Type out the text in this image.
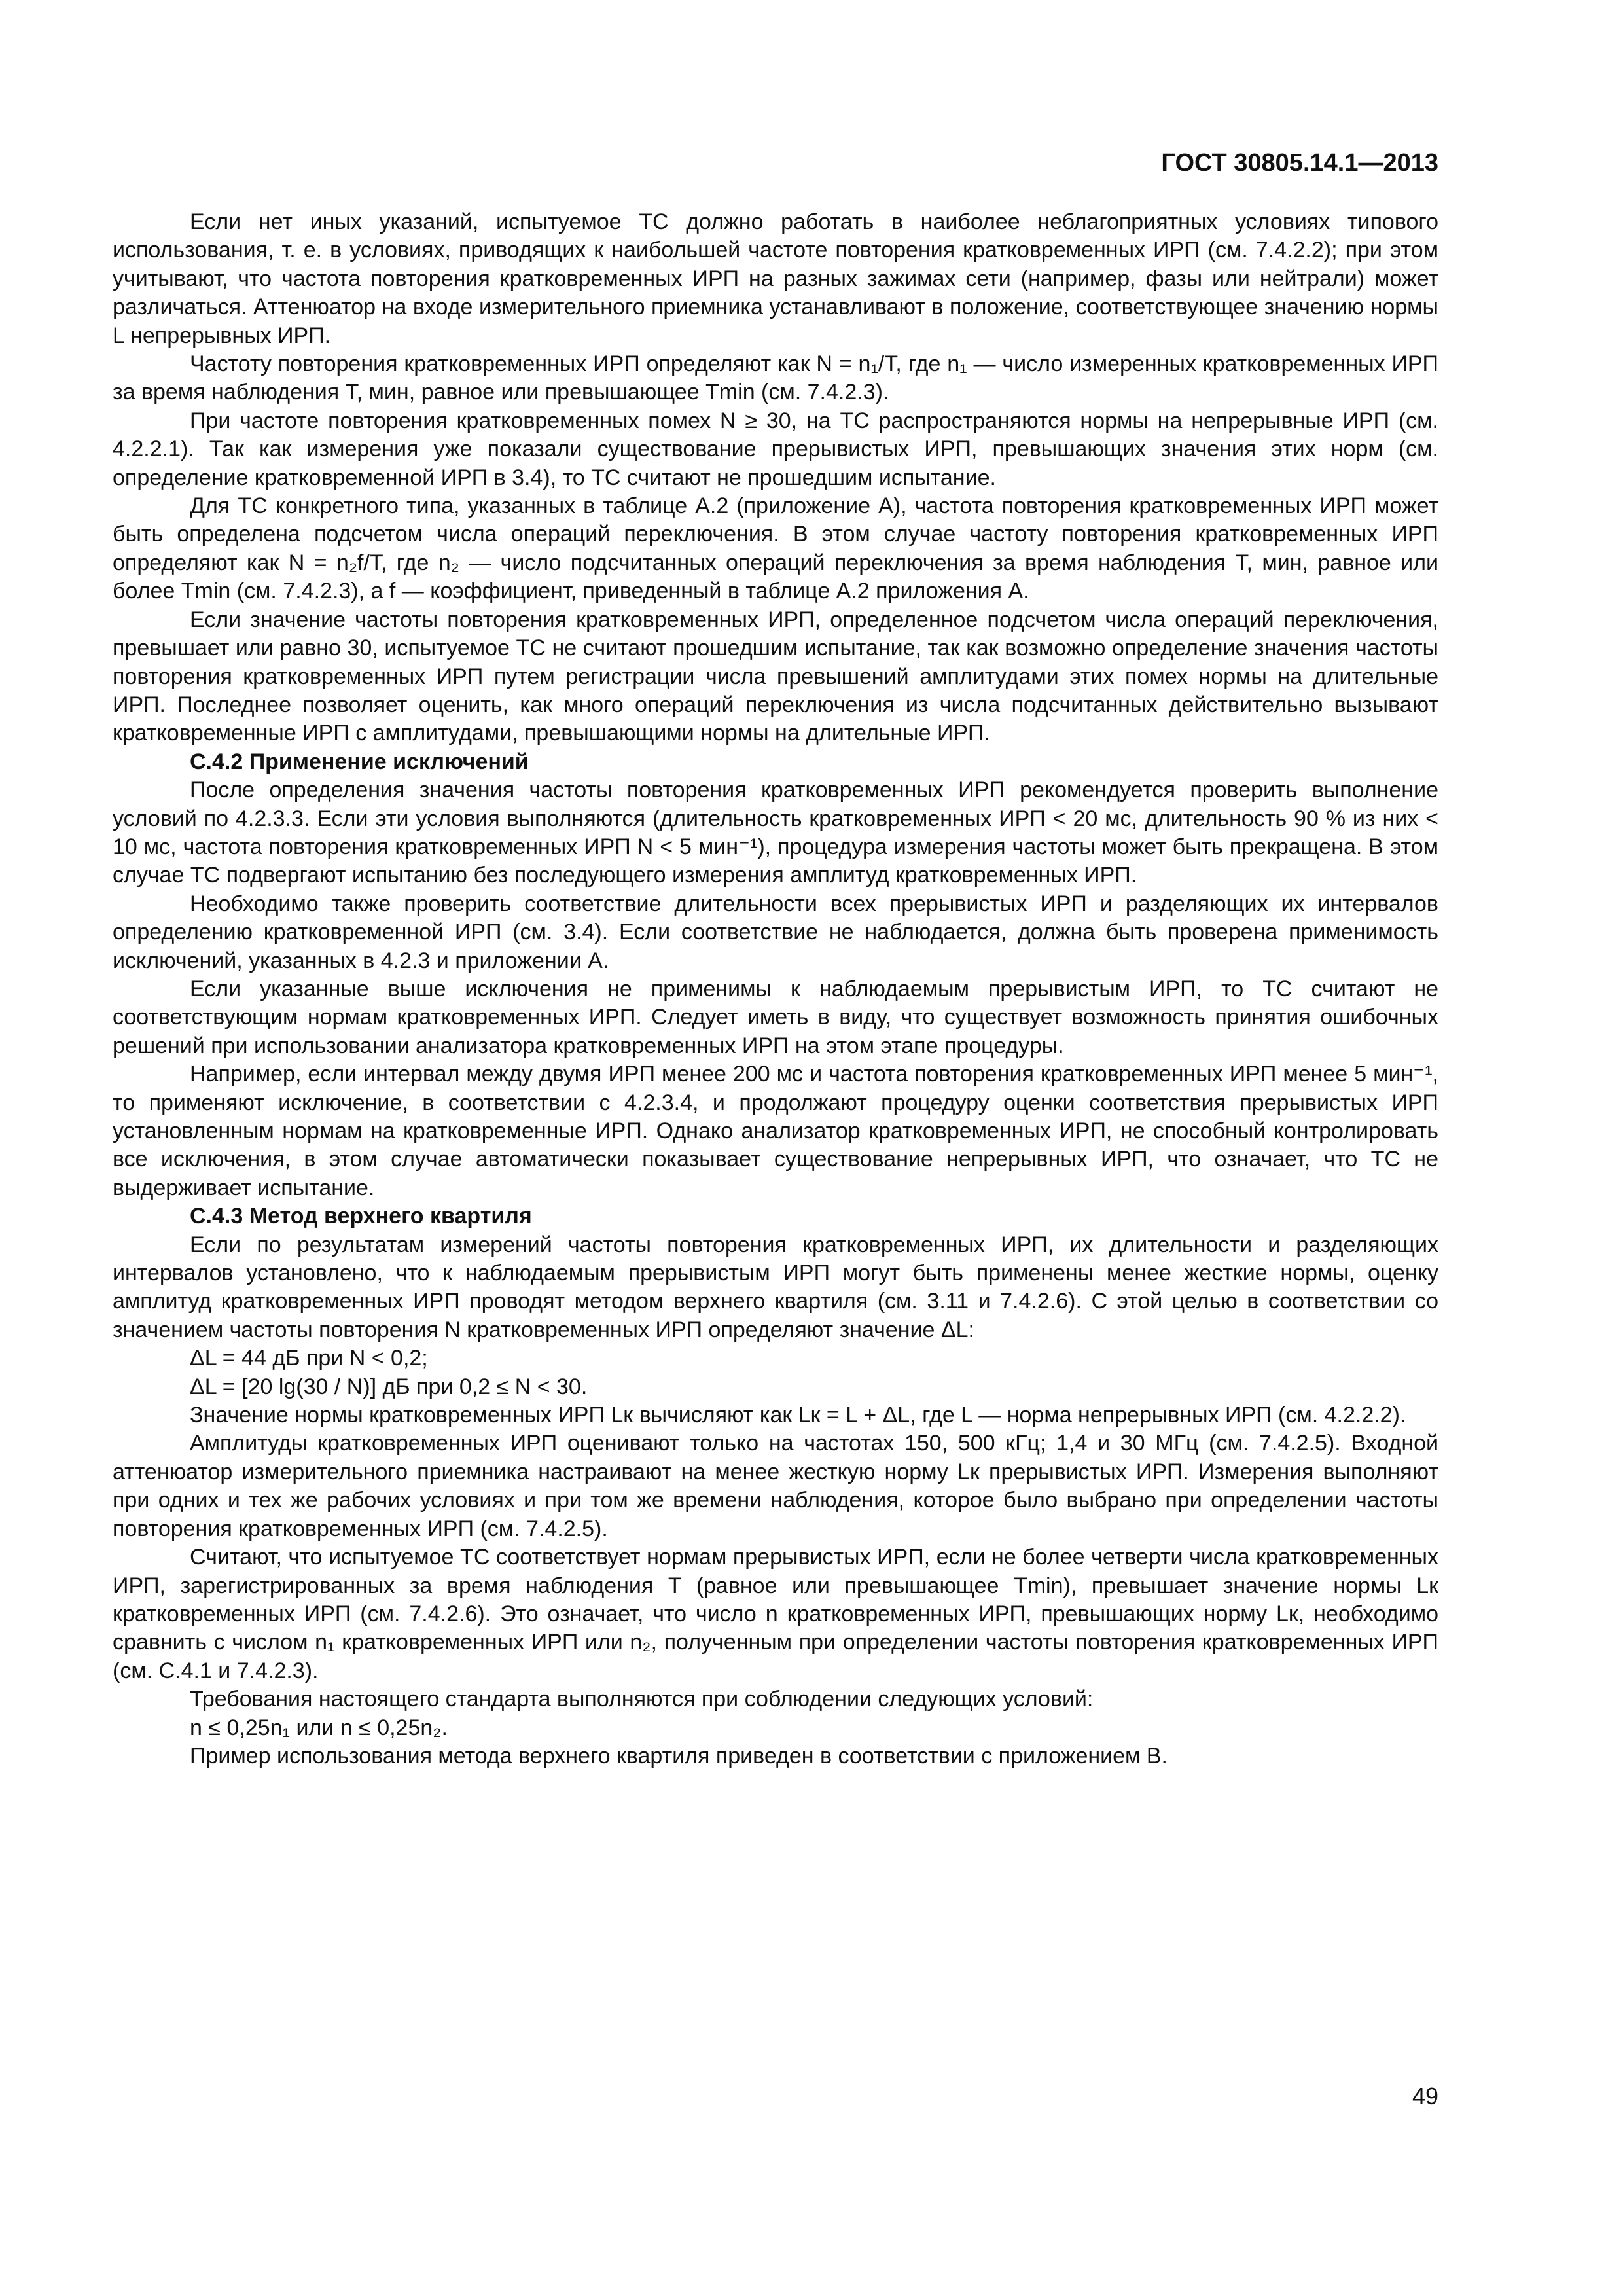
ГОСТ 30805.14.1—2013

Если нет иных указаний, испытуемое ТС должно работать в наиболее неблагоприятных условиях типового использования, т. е. в условиях, приводящих к наибольшей частоте повторения кратковременных ИРП (см. 7.4.2.2); при этом учитывают, что частота повторения кратковременных ИРП на разных зажимах сети (например, фазы или нейтрали) может различаться. Аттенюатор на входе измерительного приемника устанавливают в положение, соответствующее значению нормы L непрерывных ИРП.

Частоту повторения кратковременных ИРП определяют как N = n₁/T, где n₁ — число измеренных кратковременных ИРП за время наблюдения T, мин, равное или превышающее Tmin (см. 7.4.2.3).

При частоте повторения кратковременных помех N ≥ 30, на ТС распространяются нормы на непрерывные ИРП (см. 4.2.2.1). Так как измерения уже показали существование прерывистых ИРП, превышающих значения этих норм (см. определение кратковременной ИРП в 3.4), то ТС считают не прошедшим испытание.

Для ТС конкретного типа, указанных в таблице А.2 (приложение А), частота повторения кратковременных ИРП может быть определена подсчетом числа операций переключения. В этом случае частоту повторения кратковременных ИРП определяют как N = n₂f/T, где n₂ — число подсчитанных операций переключения за время наблюдения T, мин, равное или более Tmin (см. 7.4.2.3), а f — коэффициент, приведенный в таблице А.2 приложения А.

Если значение частоты повторения кратковременных ИРП, определенное подсчетом числа операций переключения, превышает или равно 30, испытуемое ТС не считают прошедшим испытание, так как возможно определение значения частоты повторения кратковременных ИРП путем регистрации числа превышений амплитудами этих помех нормы на длительные ИРП. Последнее позволяет оценить, как много операций переключения из числа подсчитанных действительно вызывают кратковременные ИРП с амплитудами, превышающими нормы на длительные ИРП.

С.4.2 Применение исключений

После определения значения частоты повторения кратковременных ИРП рекомендуется проверить выполнение условий по 4.2.3.3. Если эти условия выполняются (длительность кратковременных ИРП < 20 мс, длительность 90 % из них < 10 мс, частота повторения кратковременных ИРП N < 5 мин⁻¹), процедура измерения частоты может быть прекращена. В этом случае ТС подвергают испытанию без последующего измерения амплитуд кратковременных ИРП.

Необходимо также проверить соответствие длительности всех прерывистых ИРП и разделяющих их интервалов определению кратковременной ИРП (см. 3.4). Если соответствие не наблюдается, должна быть проверена применимость исключений, указанных в 4.2.3 и приложении А.

Если указанные выше исключения не применимы к наблюдаемым прерывистым ИРП, то ТС считают не соответствующим нормам кратковременных ИРП. Следует иметь в виду, что существует возможность принятия ошибочных решений при использовании анализатора кратковременных ИРП на этом этапе процедуры.

Например, если интервал между двумя ИРП менее 200 мс и частота повторения кратковременных ИРП менее 5 мин⁻¹, то применяют исключение, в соответствии с 4.2.3.4, и продолжают процедуру оценки соответствия прерывистых ИРП установленным нормам на кратковременные ИРП. Однако анализатор кратковременных ИРП, не способный контролировать все исключения, в этом случае автоматически показывает существование непрерывных ИРП, что означает, что ТС не выдерживает испытание.

С.4.3 Метод верхнего квартиля

Если по результатам измерений частоты повторения кратковременных ИРП, их длительности и разделяющих интервалов установлено, что к наблюдаемым прерывистым ИРП могут быть применены менее жесткие нормы, оценку амплитуд кратковременных ИРП проводят методом верхнего квартиля (см. 3.11 и 7.4.2.6). С этой целью в соответствии со значением частоты повторения N кратковременных ИРП определяют значение ΔL:

ΔL = 44 дБ при N < 0,2;

ΔL = [20 lg(30 / N)] дБ при 0,2 ≤ N < 30.

Значение нормы кратковременных ИРП Lк вычисляют как Lк = L + ΔL, где L — норма непрерывных ИРП (см. 4.2.2.2).

Амплитуды кратковременных ИРП оценивают только на частотах 150, 500 кГц; 1,4 и 30 МГц (см. 7.4.2.5). Входной аттенюатор измерительного приемника настраивают на менее жесткую норму Lк прерывистых ИРП. Измерения выполняют при одних и тех же рабочих условиях и при том же времени наблюдения, которое было выбрано при определении частоты повторения кратковременных ИРП (см. 7.4.2.5).

Считают, что испытуемое ТС соответствует нормам прерывистых ИРП, если не более четверти числа кратковременных ИРП, зарегистрированных за время наблюдения T (равное или превышающее Tmin), превышает значение нормы Lк кратковременных ИРП (см. 7.4.2.6). Это означает, что число n кратковременных ИРП, превышающих норму Lк, необходимо сравнить с числом n₁ кратковременных ИРП или n₂, полученным при определении частоты повторения кратковременных ИРП (см. С.4.1 и 7.4.2.3).

Требования настоящего стандарта выполняются при соблюдении следующих условий:

n ≤ 0,25n₁ или n ≤ 0,25n₂.

Пример использования метода верхнего квартиля приведен в соответствии с приложением В.

49
